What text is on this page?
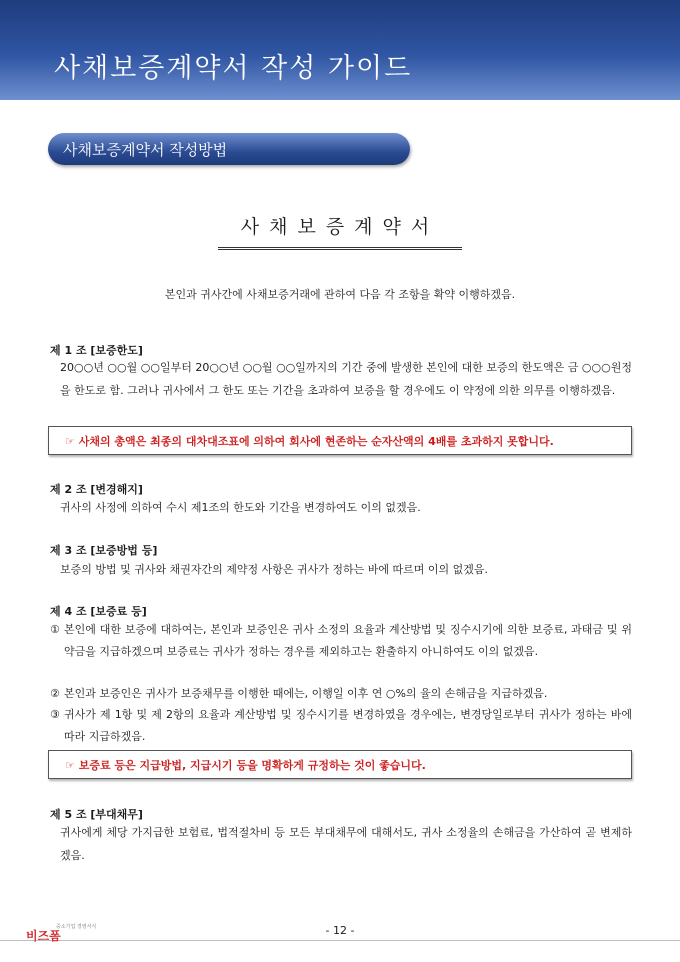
사채보증계약서 작성 가이드
사채보증계약서 작성방법
사채보증계약서
본인과 귀사간에 사채보증거래에 관하여 다음 각 조항을 확약 이행하겠음.
제 1 조 [보증한도]
20○○년 ○○월 ○○일부터 20○○년 ○○월 ○○일까지의 기간 중에 발생한 본인에 대한 보증의 한도액은 금 ○○○원정을 한도로 함. 그러나 귀사에서 그 한도 또는 기간을 초과하여 보증을 할 경우에도 이 약정에 의한 의무를 이행하겠음.
☞ 사채의 총액은 최종의 대차대조표에 의하여 회사에 현존하는 순자산액의 4배를 초과하지 못합니다.
제 2 조 [변경해지]
귀사의 사정에 의하여 수시 제1조의 한도와 기간을 변경하여도 이의 없겠음.
제 3 조 [보증방법 등]
보증의 방법 및 귀사와 채권자간의 제약정 사항은 귀사가 정하는 바에 따르며 이의 없겠음.
제 4 조 [보증료 등]
① 본인에 대한 보증에 대하여는, 본인과 보증인은 귀사 소정의 요율과 계산방법 및 징수시기에 의한 보증료, 과태금 및 위약금을 지급하겠으며 보증료는 귀사가 정하는 경우를 제외하고는 환출하지 아니하여도 이의 없겠음.
② 본인과 보증인은 귀사가 보증채무를 이행한 때에는, 이행일 이후 연 ○%의 율의 손해금을 지급하겠음.
③ 귀사가 제 1항 및 제 2항의 요율과 계산방법 및 징수시기를 변경하였을 경우에는, 변경당일로부터 귀사가 정하는 바에 따라 지급하겠음.
☞ 보증료 등은 지급방법, 지급시기 등을 명확하게 규정하는 것이 좋습니다.
제 5 조 [부대채무]
귀사에게 체당 가지급한 보험료, 법적절차비 등 모든 부대채무에 대해서도, 귀사 소정율의 손해금을 가산하여 곧 변제하겠음.
- 12 -
비즈폼
중소기업 경영서식
